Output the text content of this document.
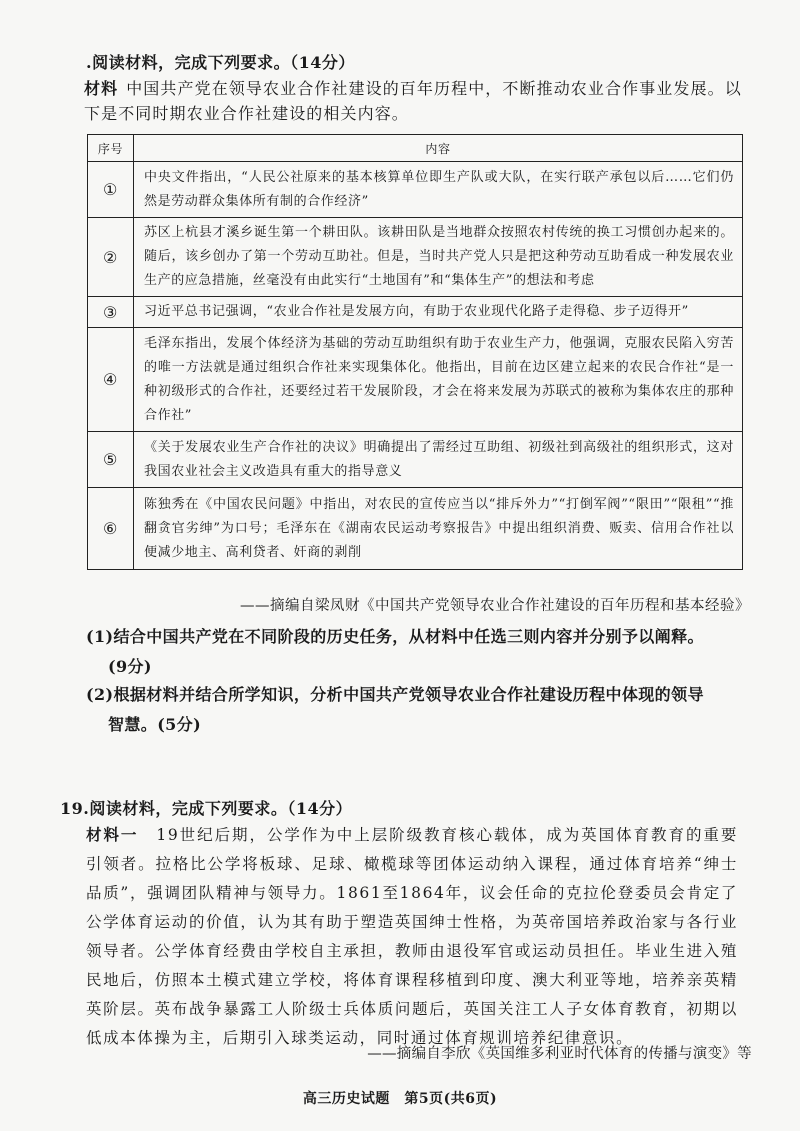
.阅读材料，完成下列要求。（14分）
材料 中国共产党在领导农业合作社建设的百年历程中，不断推动农业合作事业发展。以下是不同时期农业合作社建设的相关内容。
序号	内容
①	中央文件指出，“人民公社原来的基本核算单位即生产队或大队，在实行联产承包以后……它们仍然是劳动群众集体所有制的合作经济”
②	苏区上杭县才溪乡诞生第一个耕田队。该耕田队是当地群众按照农村传统的换工习惯创办起来的。随后，该乡创办了第一个劳动互助社。但是，当时共产党人只是把这种劳动互助看成一种发展农业生产的应急措施，丝毫没有由此实行“土地国有”和“集体生产”的想法和考虑
③	习近平总书记强调，“农业合作社是发展方向，有助于农业现代化路子走得稳、步子迈得开”
④	毛泽东指出，发展个体经济为基础的劳动互助组织有助于农业生产力，他强调，克服农民陷入穷苦的唯一方法就是通过组织合作社来实现集体化。他指出，目前在边区建立起来的农民合作社“是一种初级形式的合作社，还要经过若干发展阶段，才会在将来发展为苏联式的被称为集体农庄的那种合作社”
⑤	《关于发展农业生产合作社的决议》明确提出了需经过互助组、初级社到高级社的组织形式，这对我国农业社会主义改造具有重大的指导意义
⑥	陈独秀在《中国农民问题》中指出，对农民的宣传应当以“排斥外力”“打倒军阀”“限田”“限租”“推翻贪官劣绅”为口号；毛泽东在《湖南农民运动考察报告》中提出组织消费、贩卖、信用合作社以便减少地主、高利贷者、奸商的剥削
——摘编自梁凤财《中国共产党领导农业合作社建设的百年历程和基本经验》
(1)结合中国共产党在不同阶段的历史任务，从材料中任选三则内容并分别予以阐释。
(9分)
(2)根据材料并结合所学知识，分析中国共产党领导农业合作社建设历程中体现的领导
智慧。(5分)
19.阅读材料，完成下列要求。（14分）
材料一 19世纪后期，公学作为中上层阶级教育核心载体，成为英国体育教育的重要引领者。拉格比公学将板球、足球、橄榄球等团体运动纳入课程，通过体育培养“绅士品质”，强调团队精神与领导力。1861至1864年，议会任命的克拉伦登委员会肯定了公学体育运动的价值，认为其有助于塑造英国绅士性格，为英帝国培养政治家与各行业领导者。公学体育经费由学校自主承担，教师由退役军官或运动员担任。毕业生进入殖民地后，仿照本土模式建立学校，将体育课程移植到印度、澳大利亚等地，培养亲英精英阶层。英布战争暴露工人阶级士兵体质问题后，英国关注工人子女体育教育，初期以低成本体操为主，后期引入球类运动，同时通过体育规训培养纪律意识。
——摘编自李欣《英国维多利亚时代体育的传播与演变》等
高三历史试题　第5页(共6页)
